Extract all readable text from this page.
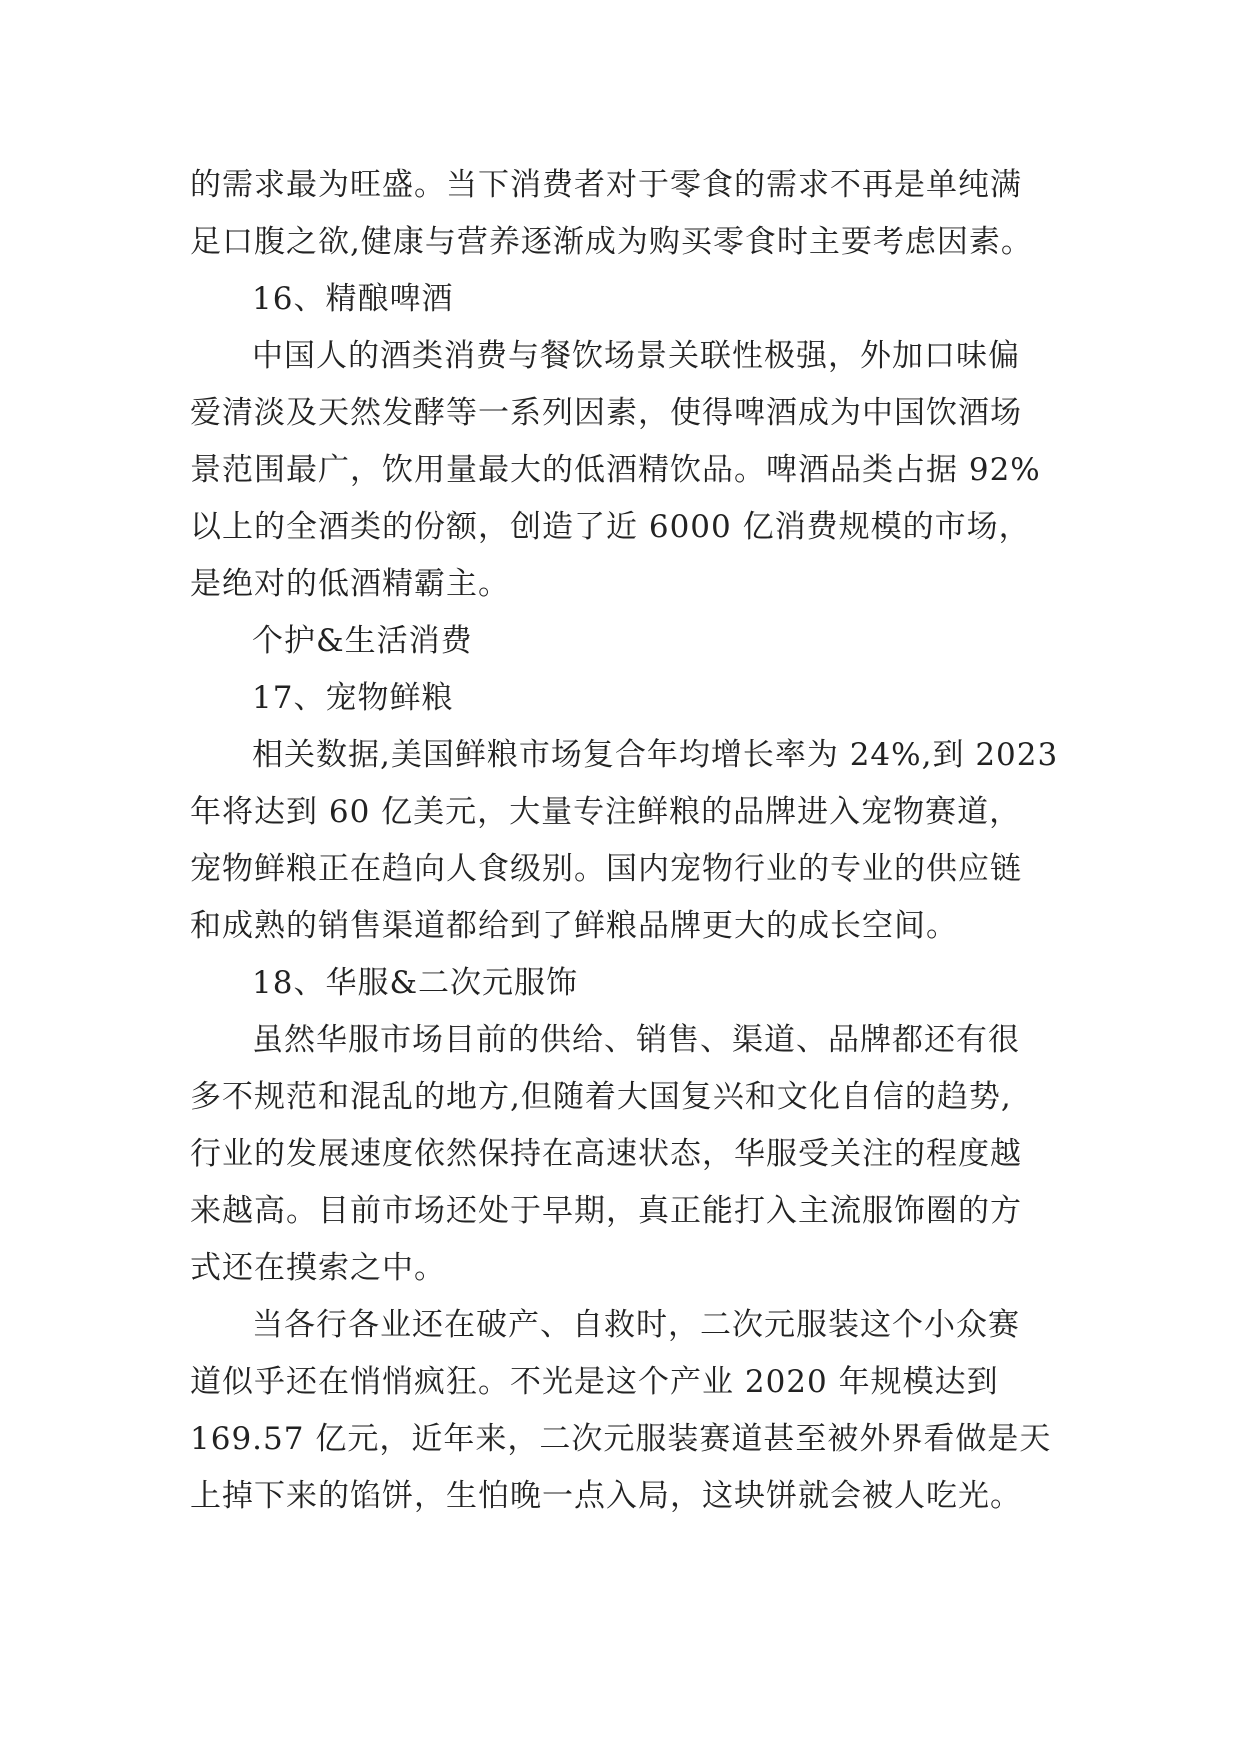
的需求最为旺盛。当下消费者对于零食的需求不再是单纯满
足口腹之欲,健康与营养逐渐成为购买零食时主要考虑因素。
16、精酿啤酒
中国人的酒类消费与餐饮场景关联性极强，外加口味偏
爱清淡及天然发酵等一系列因素，使得啤酒成为中国饮酒场
景范围最广，饮用量最大的低酒精饮品。啤酒品类占据 92%
以上的全酒类的份额，创造了近 6000 亿消费规模的市场，
是绝对的低酒精霸主。
个护&生活消费
17、宠物鲜粮
相关数据,美国鲜粮市场复合年均增长率为 24%,到 2023
年将达到 60 亿美元，大量专注鲜粮的品牌进入宠物赛道，
宠物鲜粮正在趋向人食级别。国内宠物行业的专业的供应链
和成熟的销售渠道都给到了鲜粮品牌更大的成长空间。
18、华服&二次元服饰
虽然华服市场目前的供给、销售、渠道、品牌都还有很
多不规范和混乱的地方,但随着大国复兴和文化自信的趋势,
行业的发展速度依然保持在高速状态，华服受关注的程度越
来越高。目前市场还处于早期，真正能打入主流服饰圈的方
式还在摸索之中。
当各行各业还在破产、自救时，二次元服装这个小众赛
道似乎还在悄悄疯狂。不光是这个产业 2020 年规模达到
169.57 亿元，近年来，二次元服装赛道甚至被外界看做是天
上掉下来的馅饼，生怕晚一点入局，这块饼就会被人吃光。
